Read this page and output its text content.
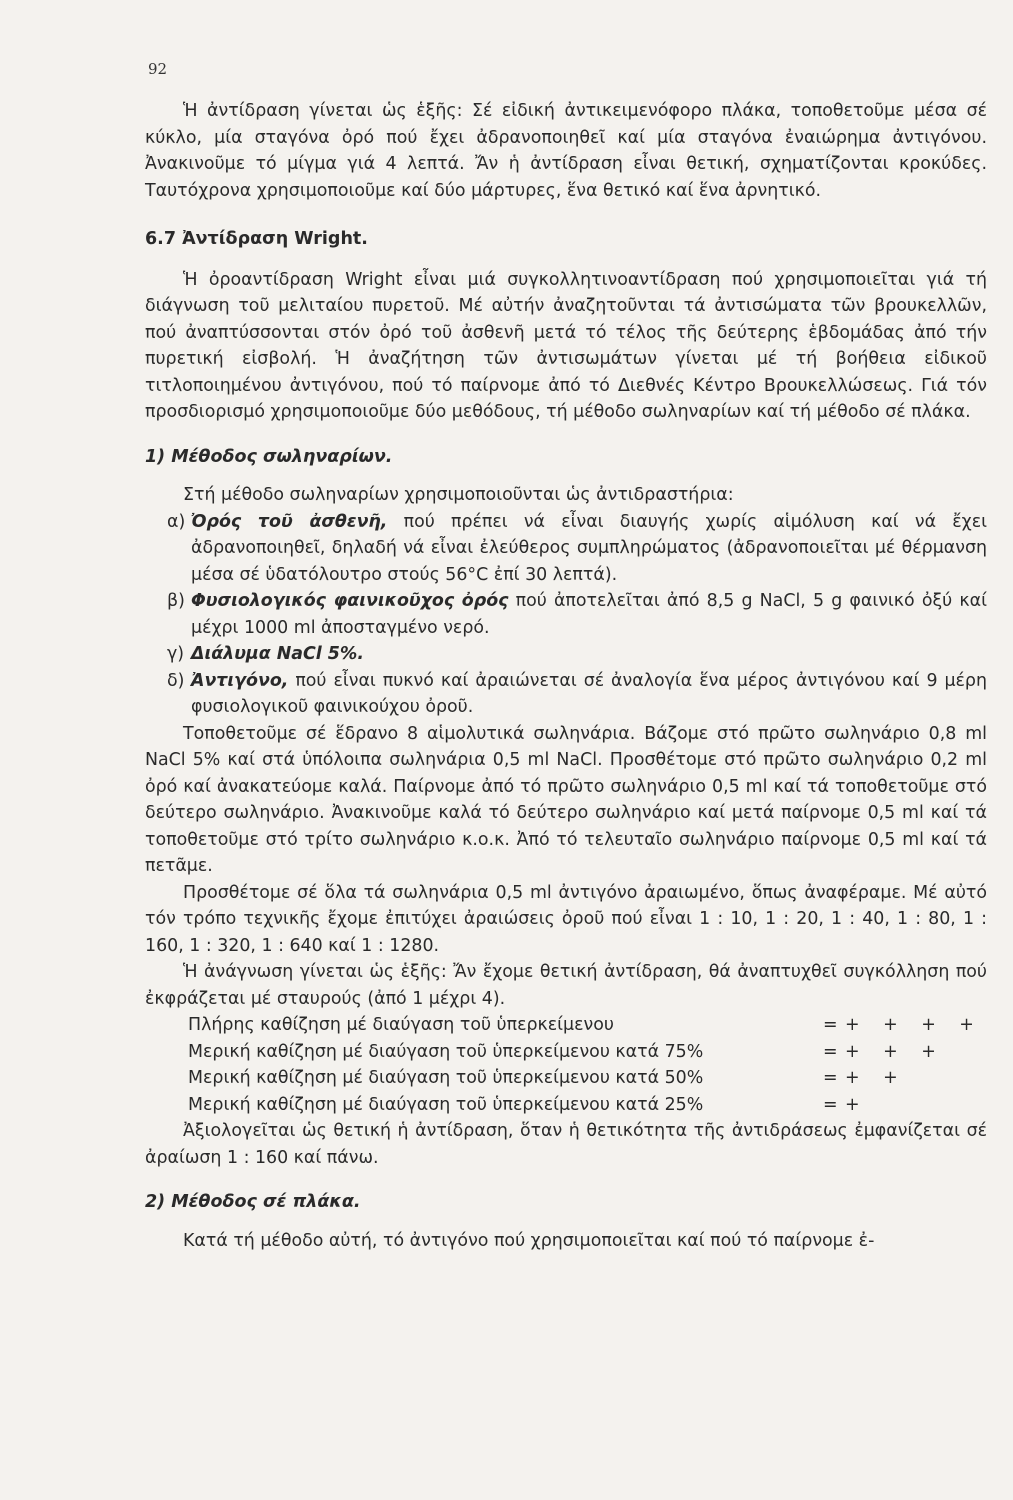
92

Ἡ ἀντίδραση γίνεται ὡς ἑξῆς: Σέ εἰδική ἀντικειμενόφορο πλάκα, τοποθετοῦμε μέσα σέ κύκλο, μία σταγόνα ὀρό πού ἔχει ἀδρανοποιηθεῖ καί μία σταγόνα ἐναιώρημα ἀντιγόνου. Ἀνακινοῦμε τό μίγμα γιά 4 λεπτά. Ἄν ἡ ἀντίδραση εἶναι θετική, σχηματίζονται κροκύδες. Ταυτόχρονα χρησιμοποιοῦμε καί δύο μάρτυρες, ἕνα θετικό καί ἕνα ἀρνητικό.

6.7 Ἀντίδραση Wright.

Ἡ ὀροαντίδραση Wright εἶναι μιά συγκολλητινοαντίδραση πού χρησιμοποιεῖται γιά τή διάγνωση τοῦ μελιταίου πυρετοῦ. Μέ αὐτήν ἀναζητοῦνται τά ἀντισώματα τῶν βρουκελλῶν, πού ἀναπτύσσονται στόν ὀρό τοῦ ἀσθενῆ μετά τό τέλος τῆς δεύτερης ἑβδομάδας ἀπό τήν πυρετική εἰσβολή. Ἡ ἀναζήτηση τῶν ἀντισωμάτων γίνεται μέ τή βοήθεια εἰδικοῦ τιτλοποιημένου ἀντιγόνου, πού τό παίρνομε ἀπό τό Διεθνές Κέντρο Βρουκελλώσεως. Γιά τόν προσδιορισμό χρησιμοποιοῦμε δύο μεθόδους, τή μέθοδο σωληναρίων καί τή μέθοδο σέ πλάκα.

1) Μέθοδος σωληναρίων.

Στή μέθοδο σωληναρίων χρησιμοποιοῦνται ὡς ἀντιδραστήρια:

α) Ὀρός τοῦ ἀσθενῆ, πού πρέπει νά εἶναι διαυγής χωρίς αἱμόλυση καί νά ἔχει ἀδρανοποιηθεῖ, δηλαδή νά εἶναι ἐλεύθερος συμπληρώματος (ἀδρανοποιεῖται μέ θέρμανση μέσα σέ ὑδατόλουτρο στούς 56°C ἐπί 30 λεπτά).
β) Φυσιολογικός φαινικοῦχος ὀρός πού ἀποτελεῖται ἀπό 8,5 g NaCl, 5 g φαινικό ὀξύ καί μέχρι 1000 ml ἀποσταγμένο νερό.
γ) Διάλυμα NaCl 5%.
δ) Ἀντιγόνο, πού εἶναι πυκνό καί ἀραιώνεται σέ ἀναλογία ἕνα μέρος ἀντιγόνου καί 9 μέρη φυσιολογικοῦ φαινικούχου ὀροῦ.

Τοποθετοῦμε σέ ἕδρανο 8 αἱμολυτικά σωληνάρια. Βάζομε στό πρῶτο σωληνάριο 0,8 ml NaCl 5% καί στά ὑπόλοιπα σωληνάρια 0,5 ml NaCl. Προσθέτομε στό πρῶτο σωληνάριο 0,2 ml ὀρό καί ἀνακατεύομε καλά. Παίρνομε ἀπό τό πρῶτο σωληνάριο 0,5 ml καί τά τοποθετοῦμε στό δεύτερο σωληνάριο. Ἀνακινοῦμε καλά τό δεύτερο σωληνάριο καί μετά παίρνομε 0,5 ml καί τά τοποθετοῦμε στό τρίτο σωληνάριο κ.ο.κ. Ἀπό τό τελευταῖο σωληνάριο παίρνομε 0,5 ml καί τά πετᾶμε.

Προσθέτομε σέ ὅλα τά σωληνάρια 0,5 ml ἀντιγόνο ἀραιωμένο, ὅπως ἀναφέραμε. Μέ αὐτό τόν τρόπο τεχνικῆς ἔχομε ἐπιτύχει ἀραιώσεις ὀροῦ πού εἶναι 1 : 10, 1 : 20, 1 : 40, 1 : 80, 1 : 160, 1 : 320, 1 : 640 καί 1 : 1280.

Ἡ ἀνάγνωση γίνεται ὡς ἑξῆς: Ἄν ἔχομε θετική ἀντίδραση, θά ἀναπτυχθεῖ συγκόλληση πού ἐκφράζεται μέ σταυρούς (ἀπό 1 μέχρι 4).

Πλήρης καθίζηση μέ διαύγαση τοῦ ὑπερκείμενου	= + + + +
Μερική καθίζηση μέ διαύγαση τοῦ ὑπερκείμενου κατά 75%	= + + +
Μερική καθίζηση μέ διαύγαση τοῦ ὑπερκείμενου κατά 50%	= + +
Μερική καθίζηση μέ διαύγαση τοῦ ὑπερκείμενου κατά 25%	= +

Ἀξιολογεῖται ὡς θετική ἡ ἀντίδραση, ὅταν ἡ θετικότητα τῆς ἀντιδράσεως ἐμφανίζεται σέ ἀραίωση 1 : 160 καί πάνω.

2) Μέθοδος σέ πλάκα.

Κατά τή μέθοδο αὐτή, τό ἀντιγόνο πού χρησιμοποιεῖται καί πού τό παίρνομε ἐ-
